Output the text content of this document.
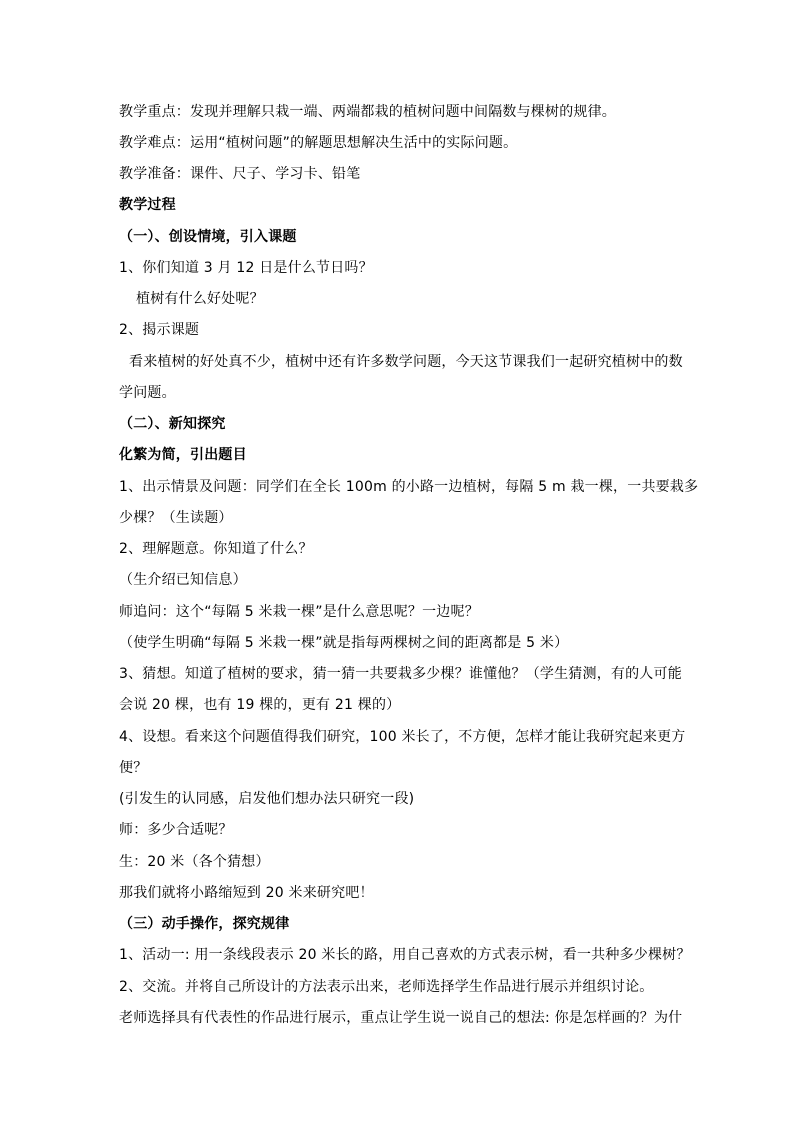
教学重点：发现并理解只栽一端、两端都栽的植树问题中间隔数与棵树的规律。
教学难点：运用“植树问题”的解题思想解决生活中的实际问题。
教学准备：课件、尺子、学习卡、铅笔
教学过程
（一）、创设情境，引入课题
1、你们知道 3 月 12 日是什么节日吗？
植树有什么好处呢？
2、揭示课题
看来植树的好处真不少，植树中还有许多数学问题，今天这节课我们一起研究植树中的数
学问题。
（二）、新知探究
化繁为简，引出题目
1、出示情景及问题：同学们在全长 100m 的小路一边植树，每隔 5 m 栽一棵，一共要栽多
少棵？（生读题）
2、理解题意。你知道了什么？
（生介绍已知信息）
师追问：这个“每隔 5 米栽一棵”是什么意思呢？一边呢？
（使学生明确“每隔 5 米栽一棵”就是指每两棵树之间的距离都是 5 米）
3、猜想。知道了植树的要求，猜一猜一共要栽多少棵？谁懂他？（学生猜测，有的人可能
会说 20 棵，也有 19 棵的，更有 21 棵的）
4、设想。看来这个问题值得我们研究，100 米长了，不方便，怎样才能让我研究起来更方
便？
(引发生的认同感，启发他们想办法只研究一段)
师：多少合适呢？
生：20 米（各个猜想）
那我们就将小路缩短到 20 米来研究吧！
（三）动手操作，探究规律
1、活动一: 用一条线段表示 20 米长的路，用自己喜欢的方式表示树，看一共种多少棵树？
2、交流。并将自己所设计的方法表示出来，老师选择学生作品进行展示并组织讨论。
老师选择具有代表性的作品进行展示，重点让学生说一说自己的想法: 你是怎样画的？为什
